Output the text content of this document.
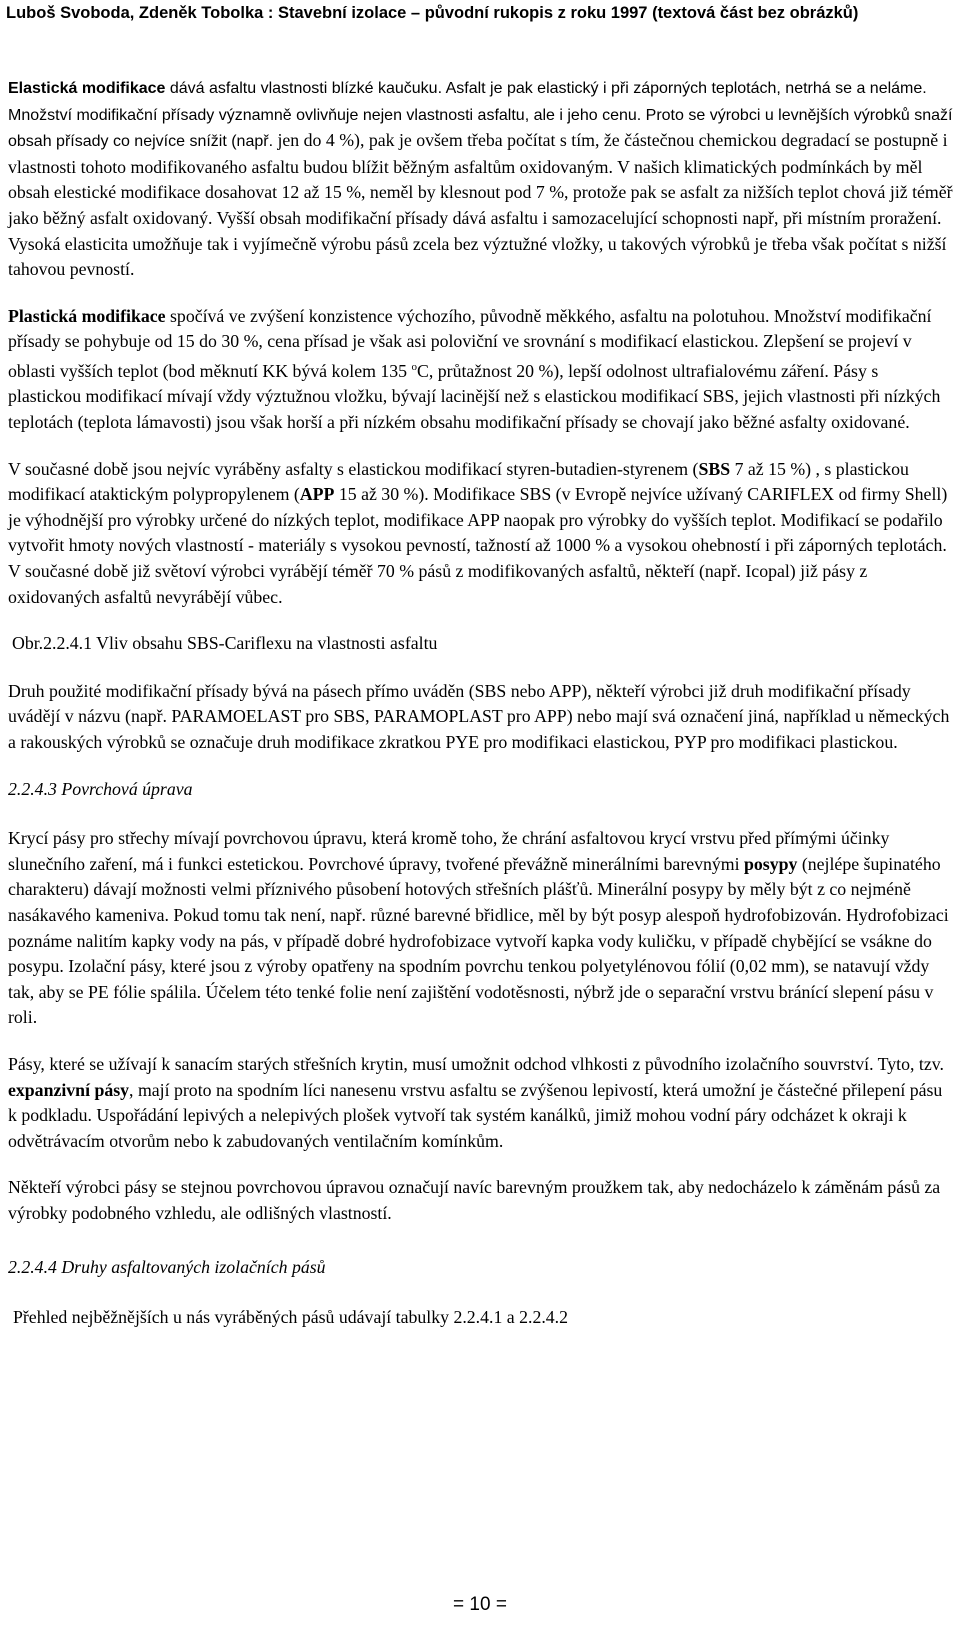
Luboš Svoboda, Zdeněk Tobolka : Stavební izolace – původní rukopis z roku 1997 (textová část bez obrázků)

Elastická modifikace dává asfaltu vlastnosti blízké kaučuku. Asfalt je pak elastický i při záporných teplotách, netrhá se a neláme. Množství modifikační přísady významně ovlivňuje nejen vlastnosti asfaltu, ale i jeho cenu. Proto se výrobci u levnějších výrobků snaží obsah přísady co nejvíce snížit (např. jen do 4 %), pak je ovšem třeba počítat s tím, že částečnou chemickou degradací se postupně i vlastnosti tohoto modifikovaného asfaltu budou blížit běžným asfaltům oxidovaným. V našich klimatických podmínkách by měl obsah elestické modifikace dosahovat 12 až 15 %, neměl by klesnout pod 7 %, protože pak se asfalt za nižších teplot chová již téměř jako běžný asfalt oxidovaný. Vyšší obsah modifikační přísady dává asfaltu i samozacelující schopnosti např, při místním proražení. Vysoká elasticita umožňuje tak i vyjímečně výrobu pásů zcela bez výztužné vložky, u takových výrobků je třeba však počítat s nižší tahovou pevností.

Plastická modifikace spočívá ve zvýšení konzistence výchozího, původně měkkého, asfaltu na polotuhou. Množství modifikační přísady se pohybuje od 15 do 30 %, cena přísad je však asi poloviční ve srovnání s modifikací elastickou. Zlepšení se projeví v oblasti vyšších teplot (bod měknutí KK bývá kolem 135 $^o$C, průtažnost 20 %), lepší odolnost ultrafialovému záření. Pásy s plastickou modifikací mívají vždy výztužnou vložku, bývají lacinější než s elastickou modifikací SBS, jejich vlastnosti při nízkých teplotách (teplota lámavosti) jsou však horší a při nízkém obsahu modifikační přísady se chovají jako běžné asfalty oxidované.

V současné době jsou nejvíc vyráběny asfalty s elastickou modifikací styren-butadien-styrenem (SBS 7 až 15 %) , s plastickou modifikací ataktickým polypropylenem (APP 15 až 30 %). Modifikace SBS (v Evropě nejvíce užívaný CARIFLEX od firmy Shell) je výhodnější pro výrobky určené do nízkých teplot, modifikace APP naopak pro výrobky do vyšších teplot. Modifikací se podařilo vytvořit hmoty nových vlastností - materiály s vysokou pevností, tažností až 1000 % a vysokou ohebností i při záporných teplotách. V současné době již světoví výrobci vyrábějí téměř 70 % pásů z modifikovaných asfaltů, někteří (např. Icopal) již pásy z oxidovaných asfaltů nevyrábějí vůbec.

Obr.2.2.4.1 Vliv obsahu SBS-Cariflexu na vlastnosti asfaltu

Druh použité modifikační přísady bývá na pásech přímo uváděn (SBS nebo APP), někteří výrobci již druh modifikační přísady uvádějí v názvu (např. PARAMOELAST pro SBS, PARAMOPLAST pro APP) nebo mají svá označení jiná, například u německých a rakouských výrobků se označuje druh modifikace zkratkou PYE pro modifikaci elastickou, PYP pro modifikaci plastickou.

2.2.4.3 Povrchová úprava

Krycí pásy pro střechy mívají povrchovou úpravu, která kromě toho, že chrání asfaltovou krycí vrstvu před přímými účinky slunečního zaření, má i funkci estetickou. Povrchové úpravy, tvořené převážně minerálními barevnými posypy (nejlépe šupinatého charakteru) dávají možnosti velmi příznivého působení hotových střešních plášťů. Minerální posypy by měly být z co nejméně nasákavého kameniva. Pokud tomu tak není, např. různé barevné břidlice, měl by být posyp alespoň hydrofobizován. Hydrofobizaci poznáme nalitím kapky vody na pás, v případě dobré hydrofobizace vytvoří kapka vody kuličku, v případě chybějící se vsákne do posypu. Izolační pásy, které jsou z výroby opatřeny na spodním povrchu tenkou polyetylénovou fólií (0,02 mm), se natavují vždy tak, aby se PE fólie spálila. Účelem této tenké folie není zajištění vodotěsnosti, nýbrž jde o separační vrstvu bránící slepení pásu v roli.

Pásy, které se užívají k sanacím starých střešních krytin, musí umožnit odchod vlhkosti z původního izolačního souvrství. Tyto, tzv. expanzivní pásy, mají proto na spodním líci nanesenu vrstvu asfaltu se zvýšenou lepivostí, která umožní je částečné přilepení pásu k podkladu. Uspořádání lepivých a nelepivých plošek vytvoří tak systém kanálků, jimiž mohou vodní páry odcházet k okraji k odvětrávacím otvorům nebo k zabudovaných ventilačním komínkům.

Někteří výrobci pásy se stejnou povrchovou úpravou označují navíc barevným proužkem tak, aby nedocházelo k záměnám pásů za výrobky podobného vzhledu, ale odlišných vlastností.

2.2.4.4 Druhy asfaltovaných izolačních pásů

Přehled nejběžnějších u nás vyráběných pásů udávají tabulky 2.2.4.1 a 2.2.4.2

= 10 =
